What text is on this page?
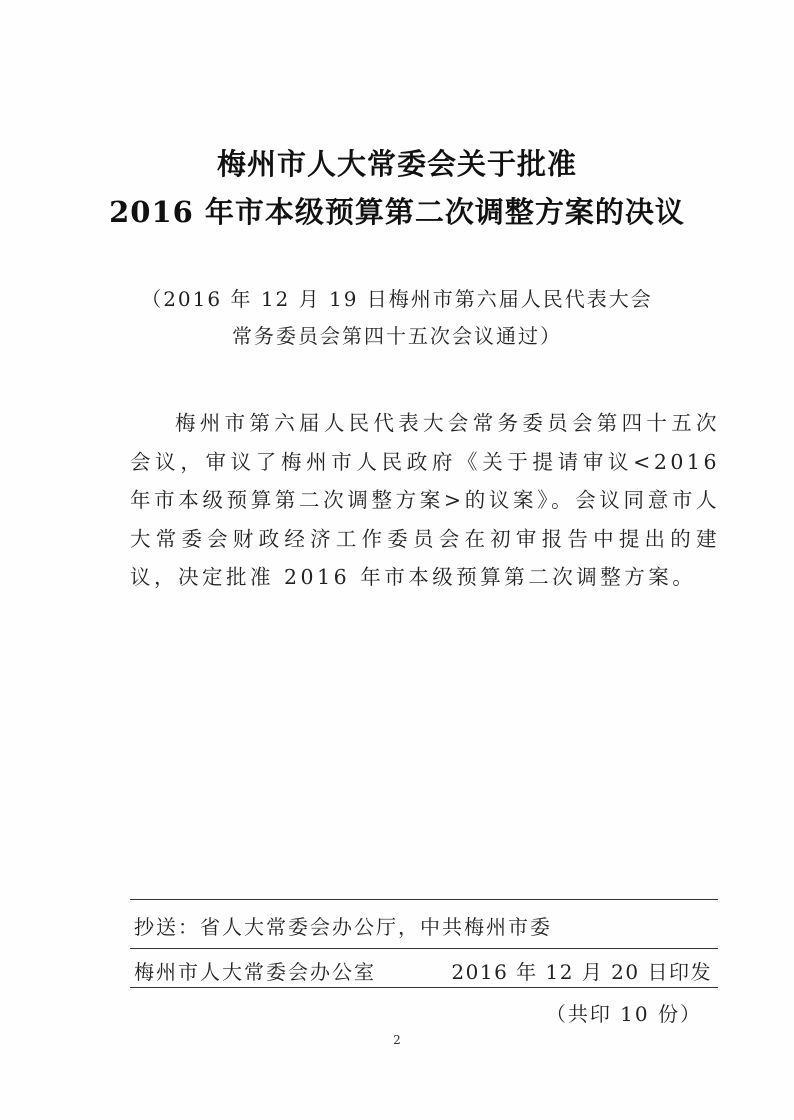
梅州市人大常委会关于批准
2016 年市本级预算第二次调整方案的决议
（2016 年 12 月 19 日梅州市第六届人民代表大会
常务委员会第四十五次会议通过）

梅州市第六届人民代表大会常务委员会第四十五次会议，审议了梅州市人民政府《关于提请审议<2016 年市本级预算第二次调整方案>的议案》。会议同意市人大常委会财政经济工作委员会在初审报告中提出的建议，决定批准 2016 年市本级预算第二次调整方案。

抄送：省人大常委会办公厅，中共梅州市委
梅州市人大常委会办公室	2016 年 12 月 20 日印发
（共印 10 份）
2
